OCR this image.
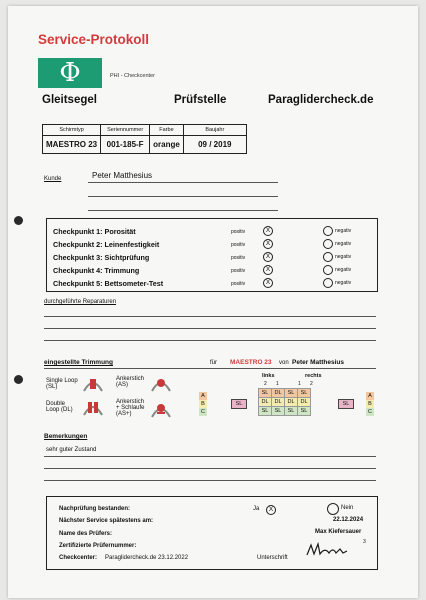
Service-Protokoll
Φ	PHI - Checkcenter
Gleitsegel	Prüfstelle	Paraglidercheck.de
Schirmtyp	Seriennummer	Farbe	Baujahr
MAESTRO 23	001-185-F	orange	09 / 2019
Kunde	Peter Matthesius
Checkpunkt 1: Porosität	positiv	X	negativ
Checkpunkt 2: Leinenfestigkeit	positiv	X	negativ
Checkpunkt 3: Sichtprüfung	positiv	X	negativ
Checkpunkt 4: Trimmung	positiv	X	negativ
Checkpunkt 5: Bettsometer-Test	positiv	X	negativ
durchgeführte Reparaturen
eingestellte Trimmung	für MAESTRO 23 von Peter Matthesius
Single Loop (SL)
Ankerstich (AS)
Double Loop (DL)
Ankerstich + Schlaufe (AS+)
A
B
C
SL
links	rechts
2 1	1 2
SL	DL	SL	SL
DL	DL	DL	DL
SL	SL	SL	SL
SL
A
B
C
Bemerkungen
sehr guter Zustand
Nachprüfung bestanden:	Ja	X	Nein
Nächster Service spätestens am:	22.12.2024
Name des Prüfers:	Max Kiefersauer
Zertifizierte Prüfernummer:
Checkcenter: Paraglidercheck.de 23.12.2022	Unterschrift
3
